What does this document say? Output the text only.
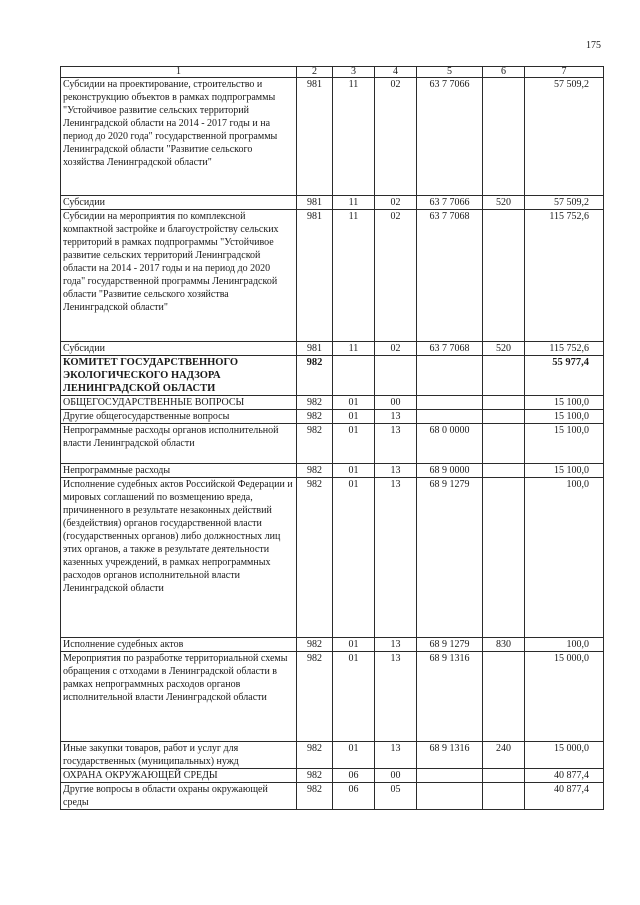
175
1	2	3	4	5	6	7
Субсидии на проектирование, строительство и реконструкцию объектов в рамках подпрограммы "Устойчивое развитие сельских территорий Ленинградской области на 2014 - 2017 годы и на период до 2020 года" государственной программы Ленинградской области "Развитие сельского хозяйства Ленинградской области"	981	11	02	63 7 7066		57 509,2
Субсидии	981	11	02	63 7 7066	520	57 509,2
Субсидии на мероприятия по комплексной компактной застройке и благоустройству сельских территорий в рамках подпрограммы "Устойчивое развитие сельских территорий Ленинградской области на 2014 - 2017 годы и на период до 2020 года" государственной программы Ленинградской области "Развитие сельского хозяйства Ленинградской области"	981	11	02	63 7 7068		115 752,6
Субсидии	981	11	02	63 7 7068	520	115 752,6
КОМИТЕТ ГОСУДАРСТВЕННОГО ЭКОЛОГИЧЕСКОГО НАДЗОРА ЛЕНИНГРАДСКОЙ ОБЛАСТИ	982					55 977,4
ОБЩЕГОСУДАРСТВЕННЫЕ ВОПРОСЫ	982	01	00			15 100,0
Другие общегосударственные вопросы	982	01	13			15 100,0
Непрограммные расходы органов исполнительной власти Ленинградской области	982	01	13	68 0 0000		15 100,0
Непрограммные расходы	982	01	13	68 9 0000		15 100,0
Исполнение судебных актов Российской Федерации и мировых соглашений по возмещению вреда, причиненного в результате незаконных действий (бездействия) органов государственной власти (государственных органов) либо должностных лиц этих органов, а также в результате деятельности казенных учреждений, в рамках непрограммных расходов органов исполнительной власти Ленинградской области	982	01	13	68 9 1279		100,0
Исполнение судебных актов	982	01	13	68 9 1279	830	100,0
Мероприятия по разработке территориальной схемы обращения с отходами в Ленинградской области в рамках непрограммных расходов органов исполнительной власти Ленинградской области	982	01	13	68 9 1316		15 000,0
Иные закупки товаров, работ и услуг для государственных (муниципальных) нужд	982	01	13	68 9 1316	240	15 000,0
ОХРАНА ОКРУЖАЮЩЕЙ СРЕДЫ	982	06	00			40 877,4
Другие вопросы в области охраны окружающей среды	982	06	05			40 877,4
